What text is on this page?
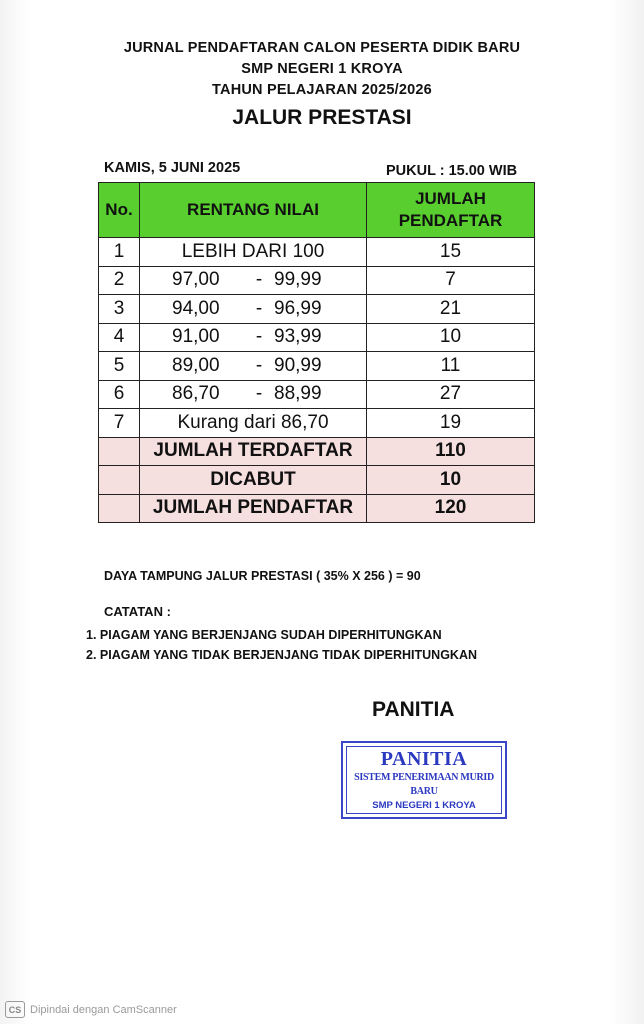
JURNAL PENDAFTARAN CALON PESERTA DIDIK BARU
SMP NEGERI 1 KROYA
TAHUN PELAJARAN 2025/2026
JALUR PRESTASI
KAMIS, 5 JUNI 2025	PUKUL : 15.00 WIB
No.	RENTANG NILAI	JUMLAH
PENDAFTAR

1	LEBIH DARI 100	15
2	97,00 - 99,99	7
3	94,00 - 96,99	21
4	91,00 - 93,99	10
5	89,00 - 90,99	11
6	86,70 - 88,99	27
7	Kurang dari 86,70	19
	JUMLAH TERDAFTAR	110
	DICABUT	10
	JUMLAH PENDAFTAR	120
DAYA TAMPUNG JALUR PRESTASI ( 35% X 256 ) = 90
CATATAN :
1. PIAGAM YANG BERJENJANG SUDAH DIPERHITUNGKAN
2. PIAGAM YANG TIDAK BERJENJANG TIDAK DIPERHITUNGKAN
PANITIA
PANITIA
SISTEM PENERIMAAN MURID BARU
SMP NEGERI 1 KROYA
CS Dipindai dengan CamScanner
